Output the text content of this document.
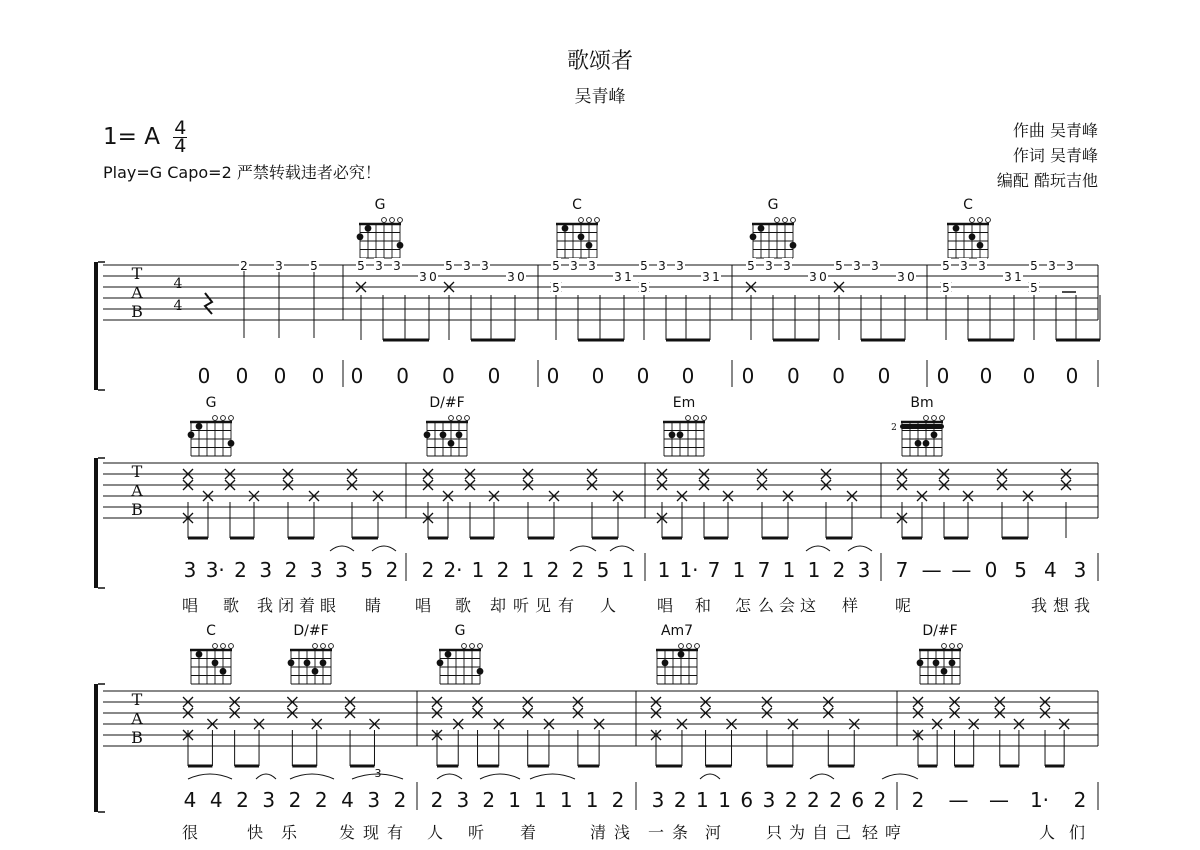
歌颂者
吴青峰
1= A $\frac{4}{4}$
Play=G Capo=2 严禁转载违者必究！
作曲 吴青峰
作词 吴青峰
编配 酷玩吉他
T
A
B
4
4
2 3 5
G	C	G	C
5 3 3
3 0
5 3 3
3 0
5 3 3
5
3 1
5 3 3
5
3 1
5 3 3
3 0
5 3 3
3 0
5 3 3
5
3 1
5 3 3
5
0 0 0 0 0 0 0 0 0 0 0 0 0 0 0 0 0 0 0 0
T
A
B
G	D/#F	Em	Bm
2
3 3· 2 3 2 3 3 5 2 2 2· 1 2 1 2 2 5 1 1 1· 7 1 7 1 1 2 3 7 — — 0 5 4 3
唱 歌 我 闭 着 眼 睛 唱 歌 却 听 见 有 人	唱 和 怎 么 会 这 样 呢	我 想 我
T
A
B
C	D/#F	G	Am7	D/#F
4 4 2 3 2 2 4 3 2 2 3 2 1 1 1 1 2 3 2 1 1 6 3 2 2 2 6 2 2 — — 1· 2
3
很	快 乐	发 现 有 人 听 着	清 浅 一 条 河	只 为 自 己 轻 哼	人 们
